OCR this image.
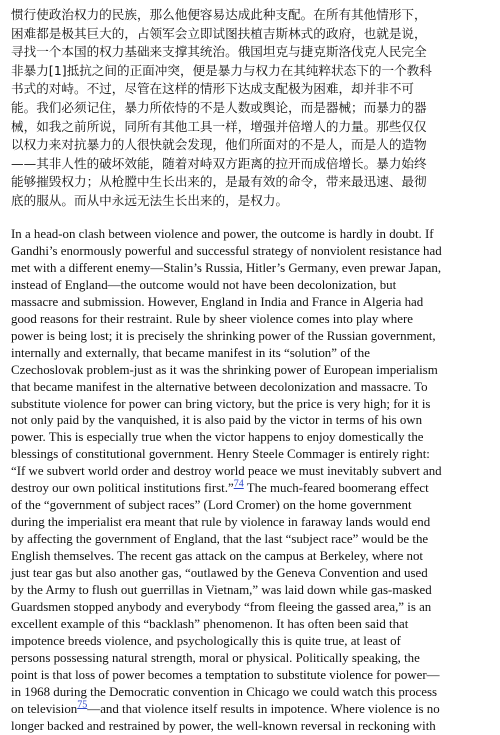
惯行使政治权力的民族，那么他便容易达成此种支配。在所有其他情形下，
困难都是极其巨大的，占领军会立即试图扶植吉斯林式的政府，也就是说，
寻找一个本国的权力基础来支撑其统治。俄国坦克与捷克斯洛伐克人民完全
非暴力[1]抵抗之间的正面冲突，便是暴力与权力在其纯粹状态下的一个教科
书式的对峙。不过，尽管在这样的情形下达成支配极为困难，却并非不可
能。我们必须记住，暴力所依恃的不是人数或舆论，而是器械；而暴力的器
械，如我之前所说，同所有其他工具一样，增强并倍增人的力量。那些仅仅
以权力来对抗暴力的人很快就会发现，他们所面对的不是人，而是人的造物
——其非人性的破坏效能，随着对峙双方距离的拉开而成倍增长。暴力始终
能够摧毁权力；从枪膛中生长出来的，是最有效的命令，带来最迅速、最彻
底的服从。而从中永远无法生长出来的，是权力。
In a head-on clash between violence and power, the outcome is hardly in doubt. If
Gandhi’s enormously powerful and successful strategy of nonviolent resistance had
met with a different enemy—Stalin’s Russia, Hitler’s Germany, even prewar Japan,
instead of England—the outcome would not have been decolonization, but
massacre and submission. However, England in India and France in Algeria had
good reasons for their restraint. Rule by sheer violence comes into play where
power is being lost; it is precisely the shrinking power of the Russian government,
internally and externally, that became manifest in its “solution” of the
Czechoslovak problem-just as it was the shrinking power of European imperialism
that became manifest in the alternative between decolonization and massacre. To
substitute violence for power can bring victory, but the price is very high; for it is
not only paid by the vanquished, it is also paid by the victor in terms of his own
power. This is especially true when the victor happens to enjoy domestically the
blessings of constitutional government. Henry Steele Commager is entirely right:
“If we subvert world order and destroy world peace we must inevitably subvert and
destroy our own political institutions first.”$^{74}$ The much-feared boomerang effect
of the “government of subject races” (Lord Cromer) on the home government
during the imperialist era meant that rule by violence in faraway lands would end
by affecting the government of England, that the last “subject race” would be the
English themselves. The recent gas attack on the campus at Berkeley, where not
just tear gas but also another gas, “outlawed by the Geneva Convention and used
by the Army to flush out guerrillas in Vietnam,” was laid down while gas-masked
Guardsmen stopped anybody and everybody “from fleeing the gassed area,” is an
excellent example of this “backlash” phenomenon. It has often been said that
impotence breeds violence, and psychologically this is quite true, at least of
persons possessing natural strength, moral or physical. Politically speaking, the
point is that loss of power becomes a temptation to substitute violence for power—
in 1968 during the Democratic convention in Chicago we could watch this process
on television$^{75}$—and that violence itself results in impotence. Where violence is no
longer backed and restrained by power, the well-known reversal in reckoning with
